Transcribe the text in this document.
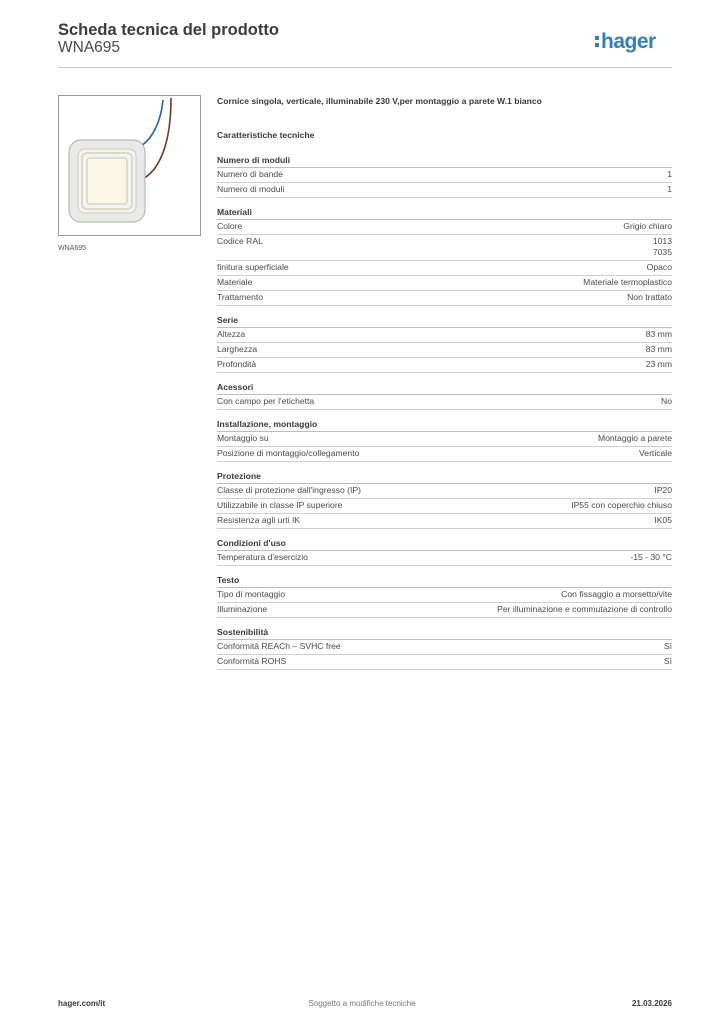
Scheda tecnica del prodotto
WNA695	hager
WNA695
Cornice singola, verticale, illuminabile 230 V,per montaggio a parete W.1 bianco
Caratteristiche tecniche
Numero di moduli
Numero di bande	1
Numero di moduli	1
Materiali
Colore	Grigio chiaro
Codice RAL	1013
7035
finitura superficiale	Opaco
Materiale	Materiale termoplastico
Trattamento	Non trattato
Serie
Altezza	83 mm
Larghezza	83 mm
Profondità	23 mm
Acessori
Con campo per l'etichetta	No
Installazione, montaggio
Montaggio su	Montaggio a parete
Posizione di montaggio/collegamento	Verticale
Protezione
Classe di protezione dall'ingresso (IP)	IP20
Utilizzabile in classe IP superiore	IP55 con coperchio chiuso
Resistenza agli urti IK	IK05
Condizioni d'uso
Temperatura d'esercizio	-15 - 30 °C
Testo
Tipo di montaggio	Con fissaggio a morsetto/vite
Illuminazione	Per illuminazione e commutazione di controllo
Sostenibilità
Conformità REACh – SVHC free	Sì
Conformità ROHS	Sì
hager.com/it	Soggetto a modifiche tecniche	21.03.2026
